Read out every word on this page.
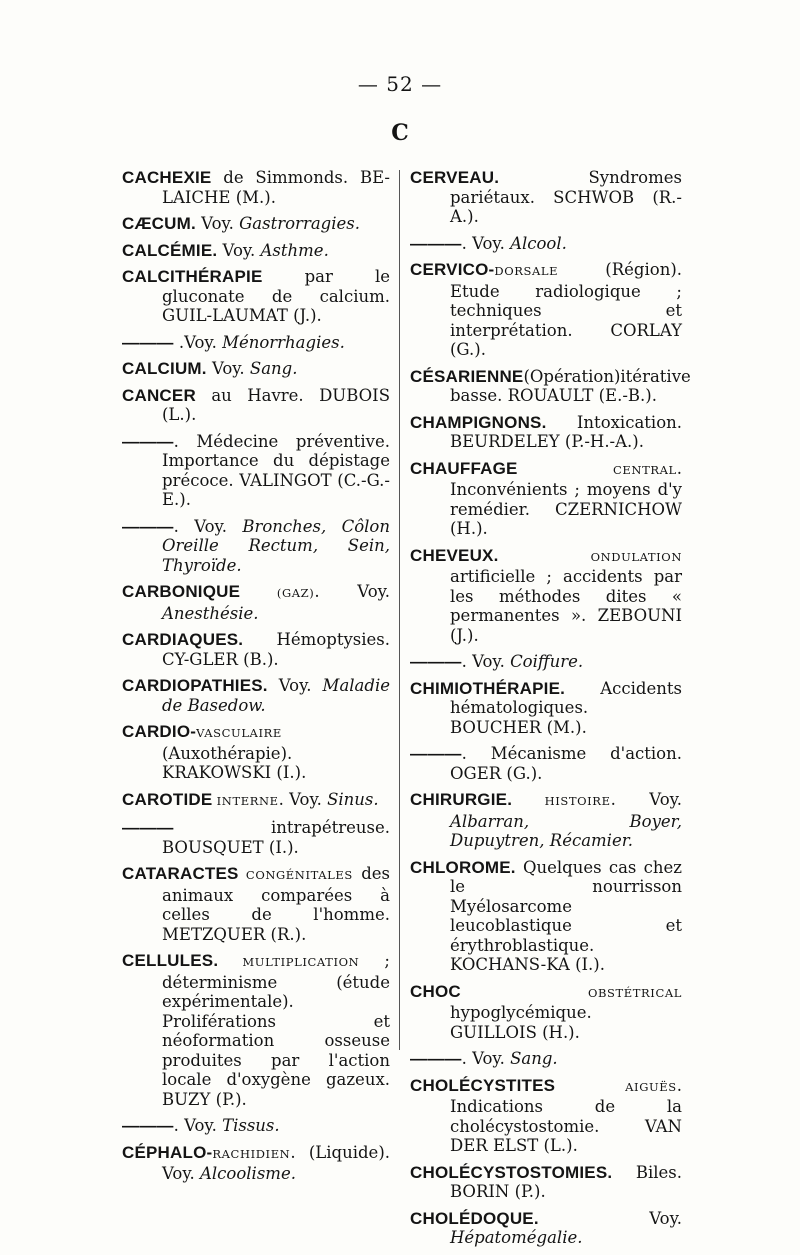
— 52 —
C
CACHEXIE de Simmonds. BE-LAICHE (M.).
CÆCUM. Voy. Gastrorragies.
CALCÉMIE. Voy. Asthme.
CALCITHÉRAPIE par le gluconate de calcium. GUIL-LAUMAT (J.).
——— .Voy. Ménorrhagies.
CALCIUM. Voy. Sang.
CANCER au Havre. DUBOIS (L.).
———. Médecine préventive. Importance du dépistage précoce. VALINGOT (C.-G.-E.).
———. Voy. Bronches, Côlon Oreille Rectum, Sein, Thyroïde.
CARBONIQUE (GAZ). Voy. Anesthésie.
CARDIAQUES. Hémoptysies. CY-GLER (B.).
CARDIOPATHIES. Voy. Maladie de Basedow.
CARDIO-VASCULAIRE (Auxothérapie). KRAKOWSKI (I.).
CAROTIDE INTERNE. Voy. Sinus.
——— intrapétreuse. BOUSQUET (I.).
CATARACTES CONGÉNITALES des animaux comparées à celles de l'homme. METZQUER (R.).
CELLULES. MULTIPLICATION ; déterminisme (étude expérimentale). Proliférations et néoformation osseuse produites par l'action locale d'oxygène gazeux. BUZY (P.).
———. Voy. Tissus.
CÉPHALO-RACHIDIEN. (Liquide). Voy. Alcoolisme.
CERVEAU. Syndromes pariétaux. SCHWOB (R.-A.).
———. Voy. Alcool.
CERVICO-DORSALE (Région). Etude radiologique ; techniques et interprétation. CORLAY (G.).
CÉSARIENNE(Opération)itérative basse. ROUAULT (E.-B.).
CHAMPIGNONS. Intoxication. BEURDELEY (P.-H.-A.).
CHAUFFAGE CENTRAL. Inconvénients ; moyens d'y remédier. CZERNICHOW (H.).
CHEVEUX. ONDULATION artificielle ; accidents par les méthodes dites « permanentes ». ZEBOUNI (J.).
———. Voy. Coiffure.
CHIMIOTHÉRAPIE. Accidents hématologiques. BOUCHER (M.).
———. Mécanisme d'action. OGER (G.).
CHIRURGIE. HISTOIRE. Voy. Albarran, Boyer, Dupuytren, Récamier.
CHLOROME. Quelques cas chez le nourrisson Myélosarcome leucoblastique et érythroblastique. KOCHANS-KA (I.).
CHOC OBSTÉTRICAL hypoglycémique. GUILLOIS (H.).
———. Voy. Sang.
CHOLÉCYSTITES AIGUËS. Indications de la cholécystostomie. VAN DER ELST (L.).
CHOLÉCYSTOSTOMIES. Biles. BORIN (P.).
CHOLÉDOQUE. Voy. Hépatomégalie.
